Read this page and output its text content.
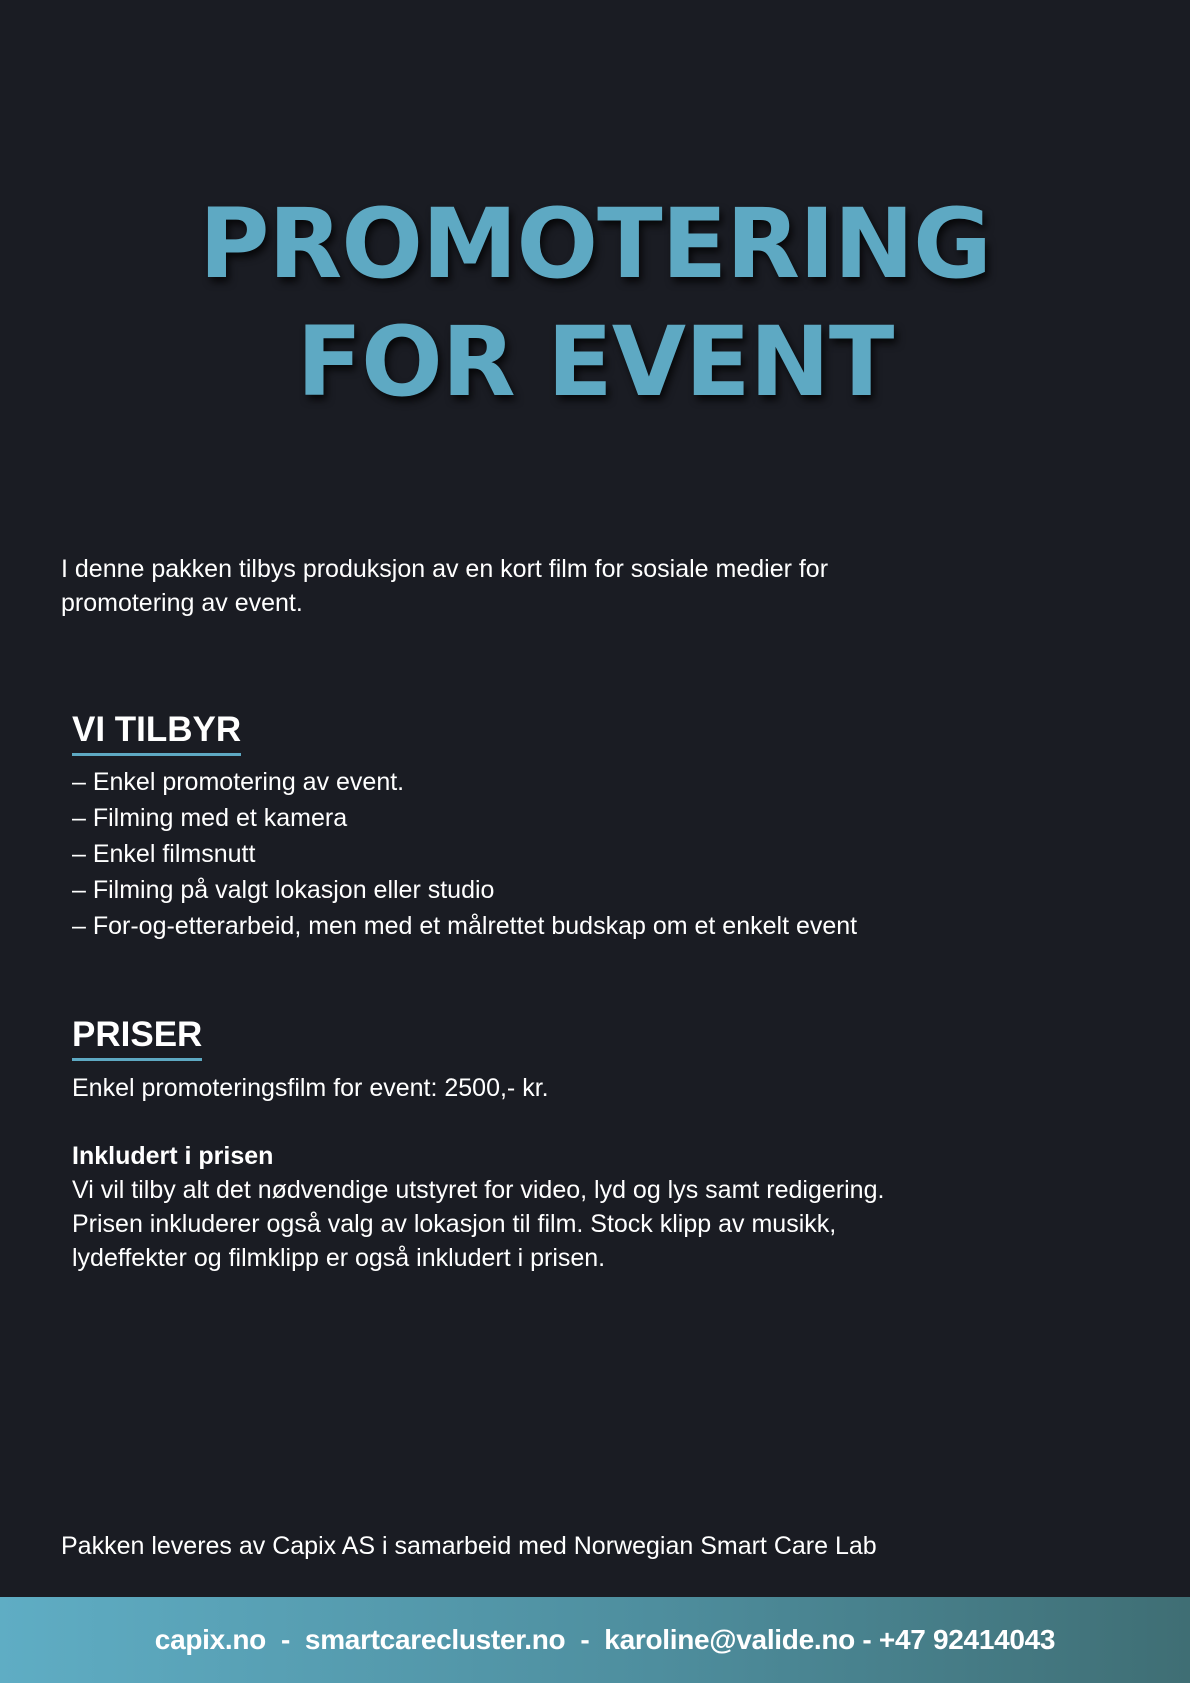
PROMOTERING
FOR EVENT

I denne pakken tilbys produksjon av en kort film for sosiale medier for promotering av event.

VI TILBYR
– Enkel promotering av event.
– Filming med et kamera
– Enkel filmsnutt
– Filming på valgt lokasjon eller studio
– For-og-etterarbeid, men med et målrettet budskap om et enkelt event
PRISER

Enkel promoteringsfilm for event: 2500,- kr.

Inkludert i prisen

Vi vil tilby alt det nødvendige utstyret for video, lyd og lys samt redigering. Prisen inkluderer også valg av lokasjon til film. Stock klipp av musikk, lydeffekter og filmklipp er også inkludert i prisen.

Pakken leveres av Capix AS i samarbeid med Norwegian Smart Care Lab

capix.no  -  smartcarecluster.no  -  karoline@valide.no - +47 92414043
